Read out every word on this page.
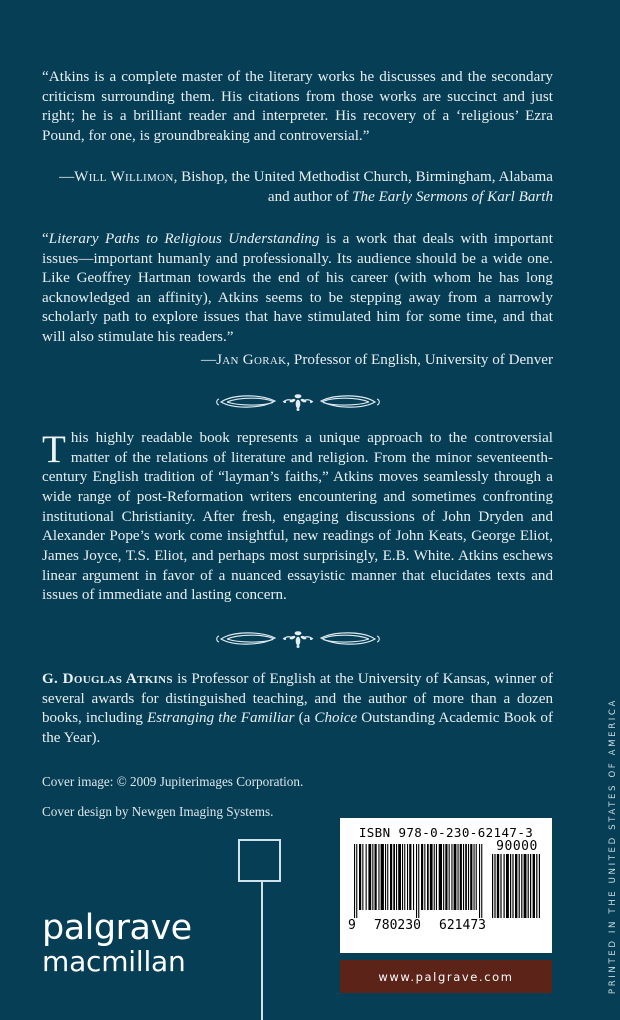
“Atkins is a complete master of the literary works he discusses and the secondary criticism surrounding them. His citations from those works are succinct and just right; he is a brilliant reader and interpreter. His recovery of a ‘religious’ Ezra Pound, for one, is groundbreaking and controversial.”

—Will Willimon, Bishop, the United Methodist Church, Birmingham, Alabama and author of The Early Sermons of Karl Barth

“Literary Paths to Religious Understanding is a work that deals with important issues—important humanly and professionally. Its audience should be a wide one. Like Geoffrey Hartman towards the end of his career (with whom he has long acknowledged an affinity), Atkins seems to be stepping away from a narrowly scholarly path to explore issues that have stimulated him for some time, and that will also stimulate his readers.”

—Jan Gorak, Professor of English, University of Denver

This highly readable book represents a unique approach to the controversial matter of the relations of literature and religion. From the minor seventeenth-century English tradition of “layman’s faiths,” Atkins moves seamlessly through a wide range of post-Reformation writers encountering and sometimes confronting institutional Christianity. After fresh, engaging discussions of John Dryden and Alexander Pope’s work come insightful, new readings of John Keats, George Eliot, James Joyce, T.S. Eliot, and perhaps most surprisingly, E.B. White. Atkins eschews linear argument in favor of a nuanced essayistic manner that elucidates texts and issues of immediate and lasting concern.

G. Douglas Atkins is Professor of English at the University of Kansas, winner of several awards for distinguished teaching, and the author of more than a dozen books, including Estranging the Familiar (a Choice Outstanding Academic Book of the Year).

Cover image: © 2009 Jupiterimages Corporation.

Cover design by Newgen Imaging Systems.

palgrave
macmillan
ISBN 978-0-230-62147-3
90000
9 780230 621473
www.palgrave.com	PRINTED IN THE UNITED STATES OF AMERICA
